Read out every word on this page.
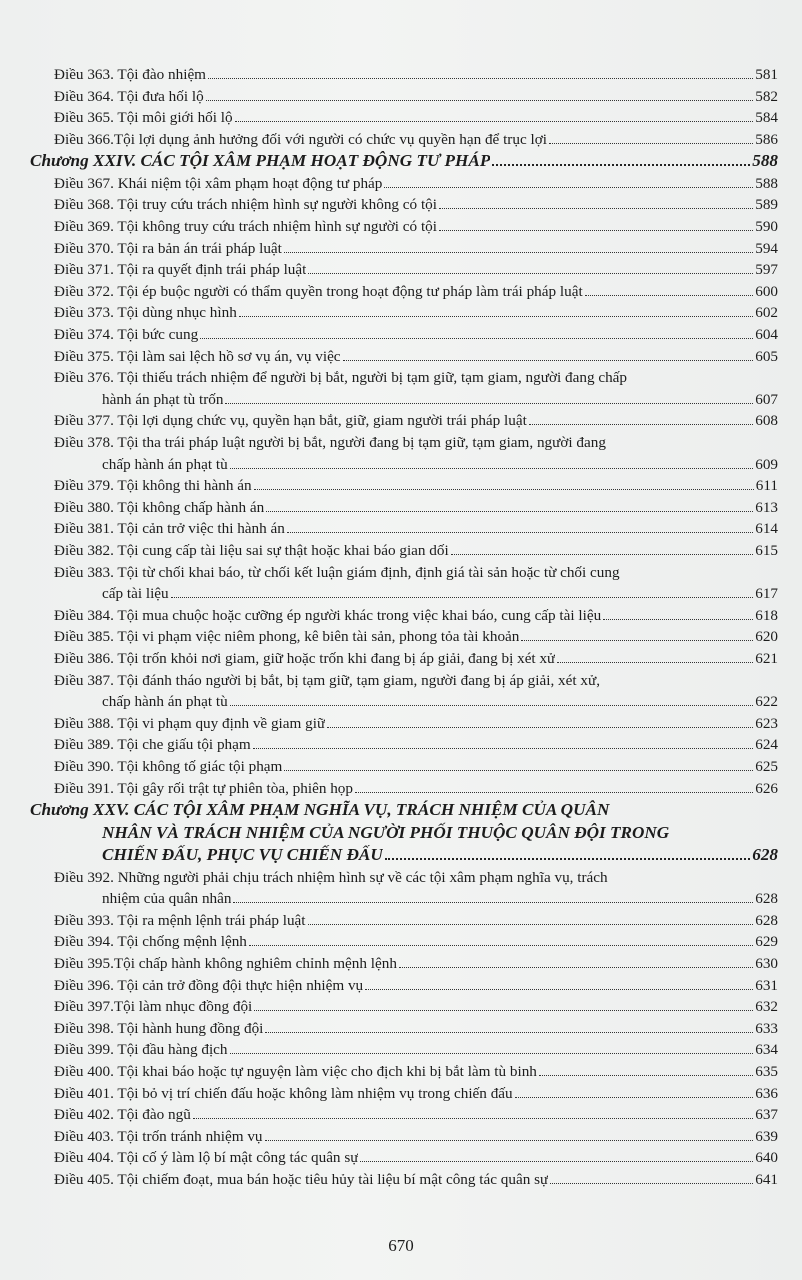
Điều 363. Tội đào nhiệm	581
Điều 364. Tội đưa hối lộ	582
Điều 365. Tội môi giới hối lộ	584
Điều 366.Tội lợi dụng ảnh hưởng đối với người có chức vụ quyền hạn để trục lợi	586
Chương XXIV. CÁC TỘI XÂM PHẠM HOẠT ĐỘNG TƯ PHÁP	588
Điều 367. Khái niệm tội xâm phạm hoạt động tư pháp	588
Điều 368. Tội truy cứu trách nhiệm hình sự người không có tội	589
Điều 369. Tội không truy cứu trách nhiệm hình sự người có tội	590
Điều 370. Tội ra bản án trái pháp luật	594
Điều 371. Tội ra quyết định trái pháp luật	597
Điều 372. Tội ép buộc người có thẩm quyền trong hoạt động tư pháp làm trái pháp luật	600
Điều 373. Tội dùng nhục hình	602
Điều 374. Tội bức cung	604
Điều 375. Tội làm sai lệch hồ sơ vụ án, vụ việc	605
Điều 376. Tội thiếu trách nhiệm để người bị bắt, người bị tạm giữ, tạm giam, người đang chấp
hành án phạt tù trốn	607
Điều 377. Tội lợi dụng chức vụ, quyền hạn bắt, giữ, giam người trái pháp luật	608
Điều 378. Tội tha trái pháp luật người bị bắt, người đang bị tạm giữ, tạm giam, người đang
chấp hành án phạt tù	609
Điều 379. Tội không thi hành án	611
Điều 380. Tội không chấp hành án	613
Điều 381. Tội cản trở việc thi hành án	614
Điều 382. Tội cung cấp tài liệu sai sự thật hoặc khai báo gian dối	615
Điều 383. Tội từ chối khai báo, từ chối kết luận giám định, định giá tài sản hoặc từ chối cung
cấp tài liệu	617
Điều 384. Tội mua chuộc hoặc cưỡng ép người khác trong việc khai báo, cung cấp tài liệu	618
Điều 385. Tội vi phạm việc niêm phong, kê biên tài sản, phong tỏa tài khoản	620
Điều 386. Tội trốn khỏi nơi giam, giữ hoặc trốn khi đang bị áp giải, đang bị xét xử	621
Điều 387. Tội đánh tháo người bị bắt, bị tạm giữ, tạm giam, người đang bị áp giải, xét xử,
chấp hành án phạt tù	622
Điều 388. Tội vi phạm quy định về giam giữ	623
Điều 389. Tội che giấu tội phạm	624
Điều 390. Tội không tố giác tội phạm	625
Điều 391. Tội gây rối trật tự phiên tòa, phiên họp	626
Chương XXV. CÁC TỘI XÂM PHẠM NGHĨA VỤ, TRÁCH NHIỆM CỦA QUÂN
NHÂN VÀ TRÁCH NHIỆM CỦA NGƯỜI PHỐI THUỘC QUÂN ĐỘI TRONG
CHIẾN ĐẤU, PHỤC VỤ CHIẾN ĐẤU	628
Điều 392. Những người phải chịu trách nhiệm hình sự về các tội xâm phạm nghĩa vụ, trách
nhiệm của quân nhân	628
Điều 393. Tội ra mệnh lệnh trái pháp luật	628
Điều 394. Tội chống mệnh lệnh	629
Điều 395.Tội chấp hành không nghiêm chỉnh mệnh lệnh	630
Điều 396. Tội cản trở đồng đội thực hiện nhiệm vụ	631
Điều 397.Tội làm nhục đồng đội	632
Điều 398. Tội hành hung đồng đội	633
Điều 399. Tội đầu hàng địch	634
Điều 400. Tội khai báo hoặc tự nguyện làm việc cho địch khi bị bắt làm tù binh	635
Điều 401. Tội bỏ vị trí chiến đấu hoặc không làm nhiệm vụ trong chiến đấu	636
Điều 402. Tội đào ngũ	637
Điều 403. Tội trốn tránh nhiệm vụ	639
Điều 404. Tội cố ý làm lộ bí mật công tác quân sự	640
Điều 405. Tội chiếm đoạt, mua bán hoặc tiêu hủy tài liệu bí mật công tác quân sự	641
670
